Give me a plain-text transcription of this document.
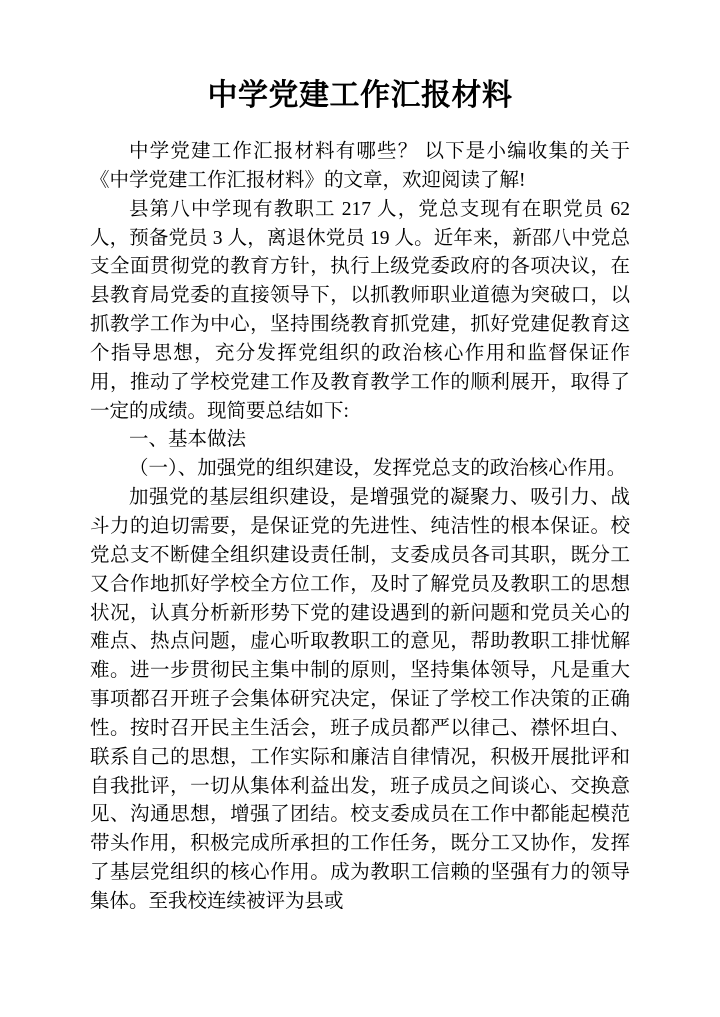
中学党建工作汇报材料

中学党建工作汇报材料有哪些？ 以下是小编收集的关于《中学党建工作汇报材料》的文章，欢迎阅读了解!

县第八中学现有教职工 217 人，党总支现有在职党员 62 人，预备党员 3 人，离退休党员 19 人。近年来，新邵八中党总支全面贯彻党的教育方针，执行上级党委政府的各项决议，在县教育局党委的直接领导下，以抓教师职业道德为突破口，以抓教学工作为中心，坚持围绕教育抓党建，抓好党建促教育这个指导思想，充分发挥党组织的政治核心作用和监督保证作用，推动了学校党建工作及教育教学工作的顺利展开，取得了一定的成绩。现简要总结如下:

一、基本做法

（一）、加强党的组织建设，发挥党总支的政治核心作用。

加强党的基层组织建设，是增强党的凝聚力、吸引力、战斗力的迫切需要，是保证党的先进性、纯洁性的根本保证。校党总支不断健全组织建设责任制，支委成员各司其职，既分工又合作地抓好学校全方位工作，及时了解党员及教职工的思想状况，认真分析新形势下党的建设遇到的新问题和党员关心的难点、热点问题，虚心听取教职工的意见，帮助教职工排忧解难。进一步贯彻民主集中制的原则，坚持集体领导，凡是重大事项都召开班子会集体研究决定，保证了学校工作决策的正确性。按时召开民主生活会，班子成员都严以律己、襟怀坦白、联系自己的思想，工作实际和廉洁自律情况，积极开展批评和自我批评，一切从集体利益出发，班子成员之间谈心、交换意见、沟通思想，增强了团结。校支委成员在工作中都能起模范带头作用，积极完成所承担的工作任务，既分工又协作，发挥了基层党组织的核心作用。成为教职工信赖的坚强有力的领导集体。至我校连续被评为县或
